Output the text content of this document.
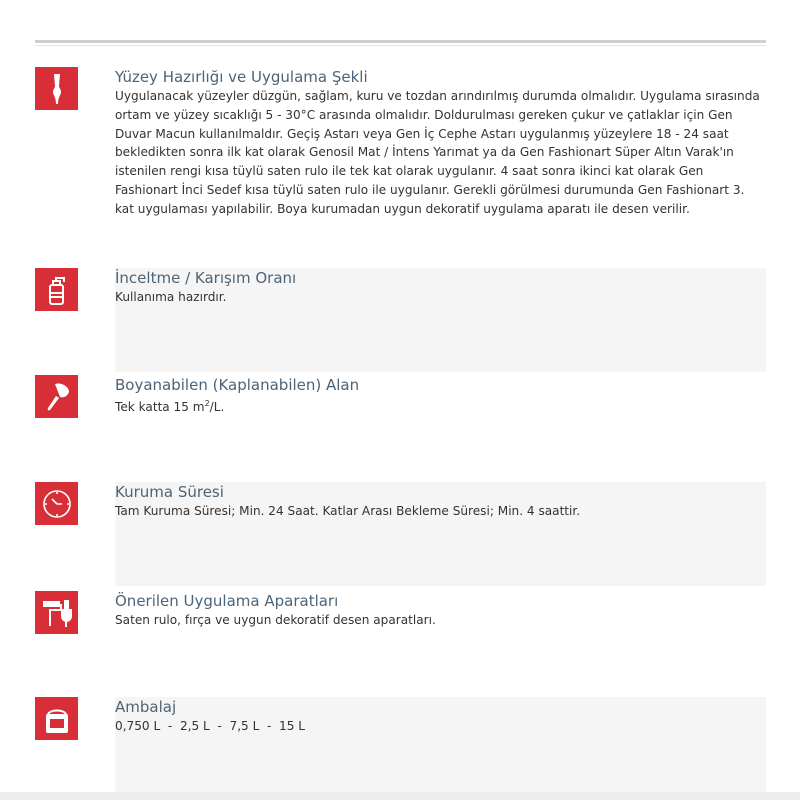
Yüzey Hazırlığı ve Uygulama Şekli
Uygulanacak yüzeyler düzgün, sağlam, kuru ve tozdan arındırılmış durumda olmalıdır. Uygulama sırasında ortam ve yüzey sıcaklığı 5 - 30°C arasında olmalıdır. Doldurulması gereken çukur ve çatlaklar için Gen Duvar Macun kullanılmaldır. Geçiş Astarı veya Gen İç Cephe Astarı uygulanmış yüzeylere 18 - 24 saat bekledikten sonra ilk kat olarak Genosil Mat / İntens Yarımat ya da Gen Fashionart Süper Altın Varak'ın istenilen rengi kısa tüylü saten rulo ile tek kat olarak uygulanır. 4 saat sonra ikinci kat olarak Gen Fashionart İnci Sedef kısa tüylü saten rulo ile uygulanır. Gerekli görülmesi durumunda Gen Fashionart 3. kat uygulaması yapılabilir. Boya kurumadan uygun dekoratif uygulama aparatı ile desen verilir.
İnceltme / Karışım Oranı
Kullanıma hazırdır.
Boyanabilen (Kaplanabilen) Alan
Tek katta 15 $m^2/L$.
Kuruma Süresi
Tam Kuruma Süresi; Min. 24 Saat. Katlar Arası Bekleme Süresi; Min. 4 saattir.
Önerilen Uygulama Aparatları
Saten rulo, fırça ve uygun dekoratif desen aparatları.
Ambalaj
0,750 L  -  2,5 L  -  7,5 L  -  15 L
